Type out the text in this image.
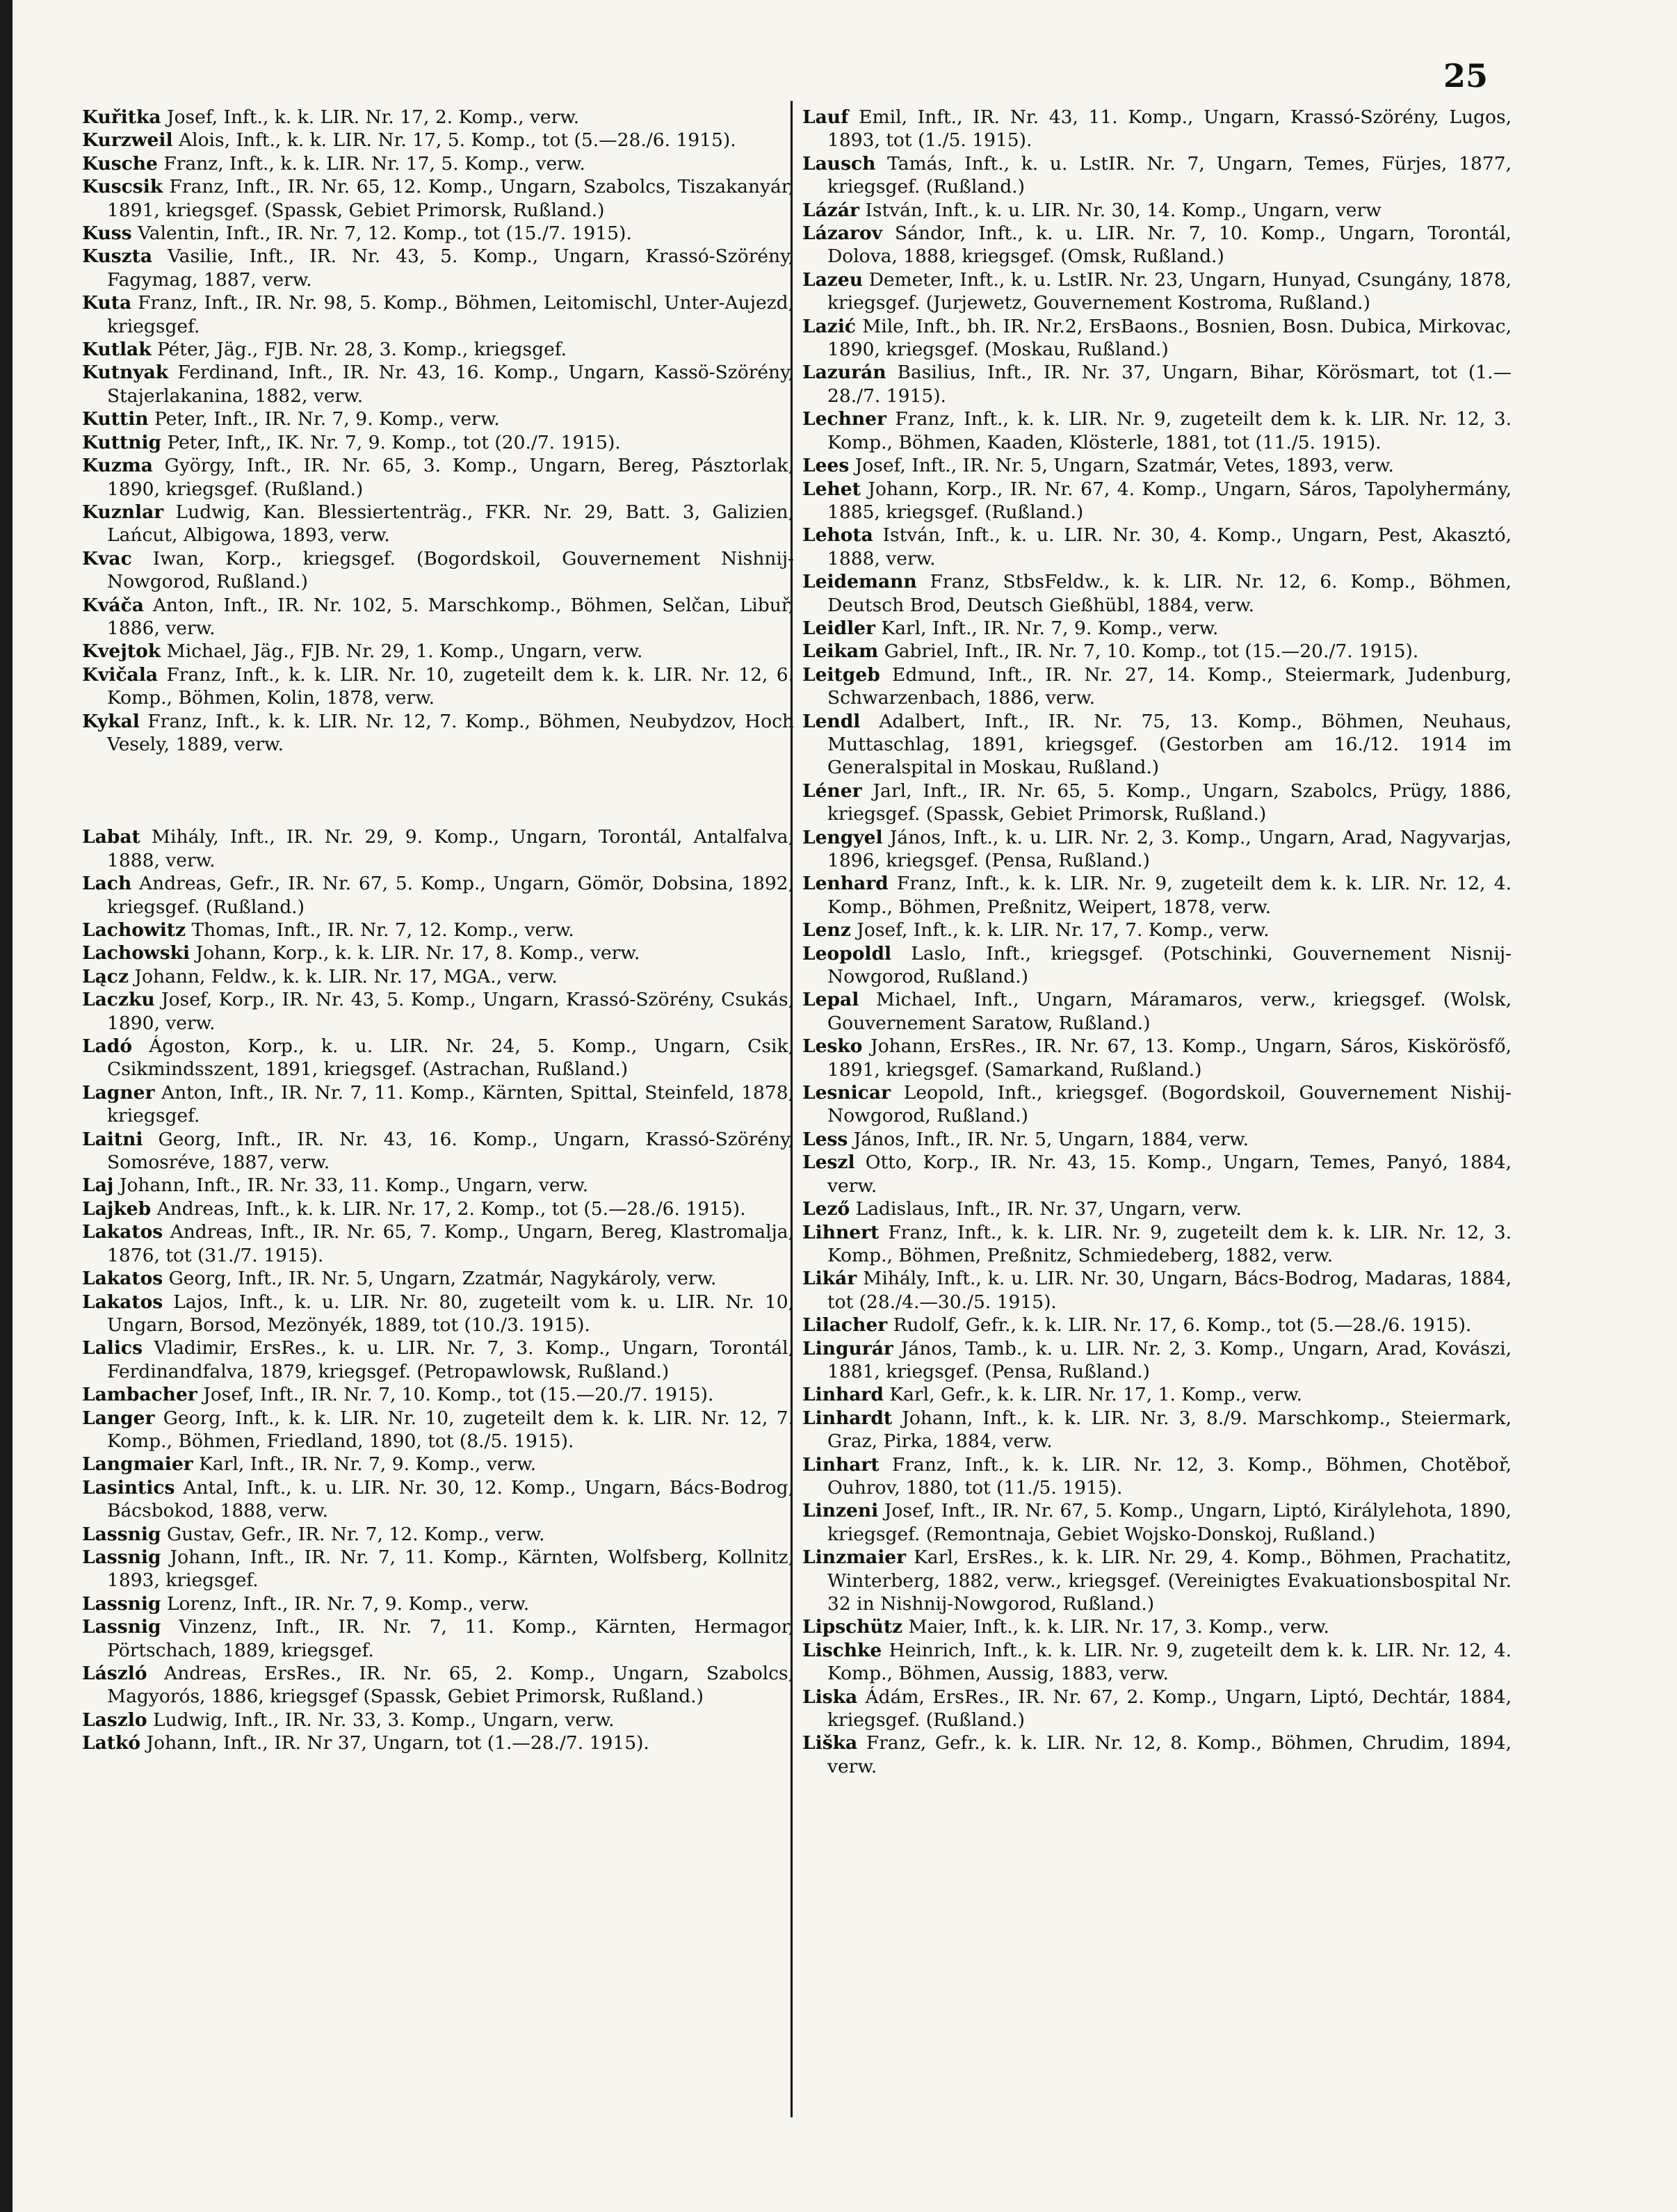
25

Kuřitka Josef, Inft., k. k. LIR. Nr. 17, 2. Komp., verw.

Kurzweil Alois, Inft., k. k. LIR. Nr. 17, 5. Komp., tot (5.—28./6. 1915).

Kusche Franz, Inft., k. k. LIR. Nr. 17, 5. Komp., verw.

Kuscsik Franz, Inft., IR. Nr. 65, 12. Komp., Ungarn, Szabolcs, Tiszakanyár, 1891, kriegsgef. (Spassk, Gebiet Primorsk, Rußland.)

Kuss Valentin, Inft., IR. Nr. 7, 12. Komp., tot (15./7. 1915).

Kuszta Vasilie, Inft., IR. Nr. 43, 5. Komp., Ungarn, Krassó-Szörény, Fagymag, 1887, verw.

Kuta Franz, Inft., IR. Nr. 98, 5. Komp., Böhmen, Leitomischl, Unter-Aujezd, kriegsgef.

Kutlak Péter, Jäg., FJB. Nr. 28, 3. Komp., kriegsgef.

Kutnyak Ferdinand, Inft., IR. Nr. 43, 16. Komp., Ungarn, Kassö-Szörény, Stajerlakanina, 1882, verw.

Kuttin Peter, Inft., IR. Nr. 7, 9. Komp., verw.

Kuttnig Peter, Inft,, IK. Nr. 7, 9. Komp., tot (20./7. 1915).

Kuzma György, Inft., IR. Nr. 65, 3. Komp., Ungarn, Bereg, Pásztorlak, 1890, kriegsgef. (Rußland.)

Kuznlar Ludwig, Kan. Blessiertenträg., FKR. Nr. 29, Batt. 3, Galizien, Lańcut, Albigowa, 1893, verw.

Kvac Iwan, Korp., kriegsgef. (Bogordskoil, Gouvernement Nishnij-Nowgorod, Rußland.)

Kváča Anton, Inft., IR. Nr. 102, 5. Marschkomp., Böhmen, Selčan, Libuř, 1886, verw.

Kvejtok Michael, Jäg., FJB. Nr. 29, 1. Komp., Ungarn, verw.

Kvičala Franz, Inft., k. k. LIR. Nr. 10, zugeteilt dem k. k. LIR. Nr. 12, 6. Komp., Böhmen, Kolin, 1878, verw.

Kykal Franz, Inft., k. k. LIR. Nr. 12, 7. Komp., Böhmen, Neubydzov, Hoch Vesely, 1889, verw.

Labat Mihály, Inft., IR. Nr. 29, 9. Komp., Ungarn, Torontál, Antalfalva, 1888, verw.

Lach Andreas, Gefr., IR. Nr. 67, 5. Komp., Ungarn, Gömör, Dobsina, 1892, kriegsgef. (Rußland.)

Lachowitz Thomas, Inft., IR. Nr. 7, 12. Komp., verw.

Lachowski Johann, Korp., k. k. LIR. Nr. 17, 8. Komp., verw.

Lącz Johann, Feldw., k. k. LIR. Nr. 17, MGA., verw.

Laczku Josef, Korp., IR. Nr. 43, 5. Komp., Ungarn, Krassó-Szörény, Csukás, 1890, verw.

Ladó Ágoston, Korp., k. u. LIR. Nr. 24, 5. Komp., Ungarn, Csik, Csikmindsszent, 1891, kriegsgef. (Astrachan, Rußland.)

Lagner Anton, Inft., IR. Nr. 7, 11. Komp., Kärnten, Spittal, Steinfeld, 1878, kriegsgef.

Laitni Georg, Inft., IR. Nr. 43, 16. Komp., Ungarn, Krassó-Szörény, Somosréve, 1887, verw.

Laj Johann, Inft., IR. Nr. 33, 11. Komp., Ungarn, verw.

Lajkeb Andreas, Inft., k. k. LIR. Nr. 17, 2. Komp., tot (5.—28./6. 1915).

Lakatos Andreas, Inft., IR. Nr. 65, 7. Komp., Ungarn, Bereg, Klastromalja, 1876, tot (31./7. 1915).

Lakatos Georg, Inft., IR. Nr. 5, Ungarn, Zzatmár, Nagykároly, verw.

Lakatos Lajos, Inft., k. u. LIR. Nr. 80, zugeteilt vom k. u. LIR. Nr. 10, Ungarn, Borsod, Mezönyék, 1889, tot (10./3. 1915).

Lalics Vladimir, ErsRes., k. u. LIR. Nr. 7, 3. Komp., Ungarn, Torontál, Ferdinandfalva, 1879, kriegsgef. (Petropawlowsk, Rußland.)

Lambacher Josef, Inft., IR. Nr. 7, 10. Komp., tot (15.—20./7. 1915).

Langer Georg, Inft., k. k. LIR. Nr. 10, zugeteilt dem k. k. LIR. Nr. 12, 7. Komp., Böhmen, Friedland, 1890, tot (8./5. 1915).

Langmaier Karl, Inft., IR. Nr. 7, 9. Komp., verw.

Lasintics Antal, Inft., k. u. LIR. Nr. 30, 12. Komp., Ungarn, Bács-Bodrog, Bácsbokod, 1888, verw.

Lassnig Gustav, Gefr., IR. Nr. 7, 12. Komp., verw.

Lassnig Johann, Inft., IR. Nr. 7, 11. Komp., Kärnten, Wolfsberg, Kollnitz, 1893, kriegsgef.

Lassnig Lorenz, Inft., IR. Nr. 7, 9. Komp., verw.

Lassnig Vinzenz, Inft., IR. Nr. 7, 11. Komp., Kärnten, Hermagor, Pörtschach, 1889, kriegsgef.

László Andreas, ErsRes., IR. Nr. 65, 2. Komp., Ungarn, Szabolcs, Magyorós, 1886, kriegsgef (Spassk, Gebiet Primorsk, Rußland.)

Laszlo Ludwig, Inft., IR. Nr. 33, 3. Komp., Ungarn, verw.

Latkó Johann, Inft., IR. Nr 37, Ungarn, tot (1.—28./7. 1915).

Lauf Emil, Inft., IR. Nr. 43, 11. Komp., Ungarn, Krassó-Szörény, Lugos, 1893, tot (1./5. 1915).

Lausch Tamás, Inft., k. u. LstIR. Nr. 7, Ungarn, Temes, Fürjes, 1877, kriegsgef. (Rußland.)

Lázár István, Inft., k. u. LIR. Nr. 30, 14. Komp., Ungarn, verw

Lázarov Sándor, Inft., k. u. LIR. Nr. 7, 10. Komp., Ungarn, Torontál, Dolova, 1888, kriegsgef. (Omsk, Rußland.)

Lazeu Demeter, Inft., k. u. LstIR. Nr. 23, Ungarn, Hunyad, Csungány, 1878, kriegsgef. (Jurjewetz, Gouvernement Kostroma, Rußland.)

Lazić Mile, Inft., bh. IR. Nr.2, ErsBaons., Bosnien, Bosn. Dubica, Mirkovac, 1890, kriegsgef. (Moskau, Rußland.)

Lazurán Basilius, Inft., IR. Nr. 37, Ungarn, Bihar, Körösmart, tot (1.—28./7. 1915).

Lechner Franz, Inft., k. k. LIR. Nr. 9, zugeteilt dem k. k. LIR. Nr. 12, 3. Komp., Böhmen, Kaaden, Klösterle, 1881, tot (11./5. 1915).

Lees Josef, Inft., IR. Nr. 5, Ungarn, Szatmár, Vetes, 1893, verw.

Lehet Johann, Korp., IR. Nr. 67, 4. Komp., Ungarn, Sáros, Tapolyhermány, 1885, kriegsgef. (Rußland.)

Lehota István, Inft., k. u. LIR. Nr. 30, 4. Komp., Ungarn, Pest, Akasztó, 1888, verw.

Leidemann Franz, StbsFeldw., k. k. LIR. Nr. 12, 6. Komp., Böhmen, Deutsch Brod, Deutsch Gießhübl, 1884, verw.

Leidler Karl, Inft., IR. Nr. 7, 9. Komp., verw.

Leikam Gabriel, Inft., IR. Nr. 7, 10. Komp., tot (15.—20./7. 1915).

Leitgeb Edmund, Inft., IR. Nr. 27, 14. Komp., Steiermark, Judenburg, Schwarzenbach, 1886, verw.

Lendl Adalbert, Inft., IR. Nr. 75, 13. Komp., Böhmen, Neuhaus, Muttaschlag, 1891, kriegsgef. (Gestorben am 16./12. 1914 im Generalspital in Moskau, Rußland.)

Léner Jarl, Inft., IR. Nr. 65, 5. Komp., Ungarn, Szabolcs, Prügy, 1886, kriegsgef. (Spassk, Gebiet Primorsk, Rußland.)

Lengyel János, Inft., k. u. LIR. Nr. 2, 3. Komp., Ungarn, Arad, Nagyvarjas, 1896, kriegsgef. (Pensa, Rußland.)

Lenhard Franz, Inft., k. k. LIR. Nr. 9, zugeteilt dem k. k. LIR. Nr. 12, 4. Komp., Böhmen, Preßnitz, Weipert, 1878, verw.

Lenz Josef, Inft., k. k. LIR. Nr. 17, 7. Komp., verw.

Leopoldl Laslo, Inft., kriegsgef. (Potschinki, Gouvernement Nisnij-Nowgorod, Rußland.)

Lepal Michael, Inft., Ungarn, Máramaros, verw., kriegsgef. (Wolsk, Gouvernement Saratow, Rußland.)

Lesko Johann, ErsRes., IR. Nr. 67, 13. Komp., Ungarn, Sáros, Kiskörösfő, 1891, kriegsgef. (Samarkand, Rußland.)

Lesnicar Leopold, Inft., kriegsgef. (Bogordskoil, Gouvernement Nishij-Nowgorod, Rußland.)

Less János, Inft., IR. Nr. 5, Ungarn, 1884, verw.

Leszl Otto, Korp., IR. Nr. 43, 15. Komp., Ungarn, Temes, Panyó, 1884, verw.

Lező Ladislaus, Inft., IR. Nr. 37, Ungarn, verw.

Lihnert Franz, Inft., k. k. LIR. Nr. 9, zugeteilt dem k. k. LIR. Nr. 12, 3. Komp., Böhmen, Preßnitz, Schmiedeberg, 1882, verw.

Likár Mihály, Inft., k. u. LIR. Nr. 30, Ungarn, Bács-Bodrog, Madaras, 1884, tot (28./4.—30./5. 1915).

Lilacher Rudolf, Gefr., k. k. LIR. Nr. 17, 6. Komp., tot (5.—28./6. 1915).

Lingurár János, Tamb., k. u. LIR. Nr. 2, 3. Komp., Ungarn, Arad, Kovászi, 1881, kriegsgef. (Pensa, Rußland.)

Linhard Karl, Gefr., k. k. LIR. Nr. 17, 1. Komp., verw.

Linhardt Johann, Inft., k. k. LIR. Nr. 3, 8./9. Marschkomp., Steiermark, Graz, Pirka, 1884, verw.

Linhart Franz, Inft., k. k. LIR. Nr. 12, 3. Komp., Böhmen, Chotěboř, Ouhrov, 1880, tot (11./5. 1915).

Linzeni Josef, Inft., IR. Nr. 67, 5. Komp., Ungarn, Liptó, Királylehota, 1890, kriegsgef. (Remontnaja, Gebiet Wojsko-Donskoj, Rußland.)

Linzmaier Karl, ErsRes., k. k. LIR. Nr. 29, 4. Komp., Böhmen, Prachatitz, Winterberg, 1882, verw., kriegsgef. (Vereinigtes Evakuationsbospital Nr. 32 in Nishnij-Nowgorod, Rußland.)

Lipschütz Maier, Inft., k. k. LIR. Nr. 17, 3. Komp., verw.

Lischke Heinrich, Inft., k. k. LIR. Nr. 9, zugeteilt dem k. k. LIR. Nr. 12, 4. Komp., Böhmen, Aussig, 1883, verw.

Liska Ádám, ErsRes., IR. Nr. 67, 2. Komp., Ungarn, Liptó, Dechtár, 1884, kriegsgef. (Rußland.)

Liška Franz, Gefr., k. k. LIR. Nr. 12, 8. Komp., Böhmen, Chrudim, 1894, verw.
